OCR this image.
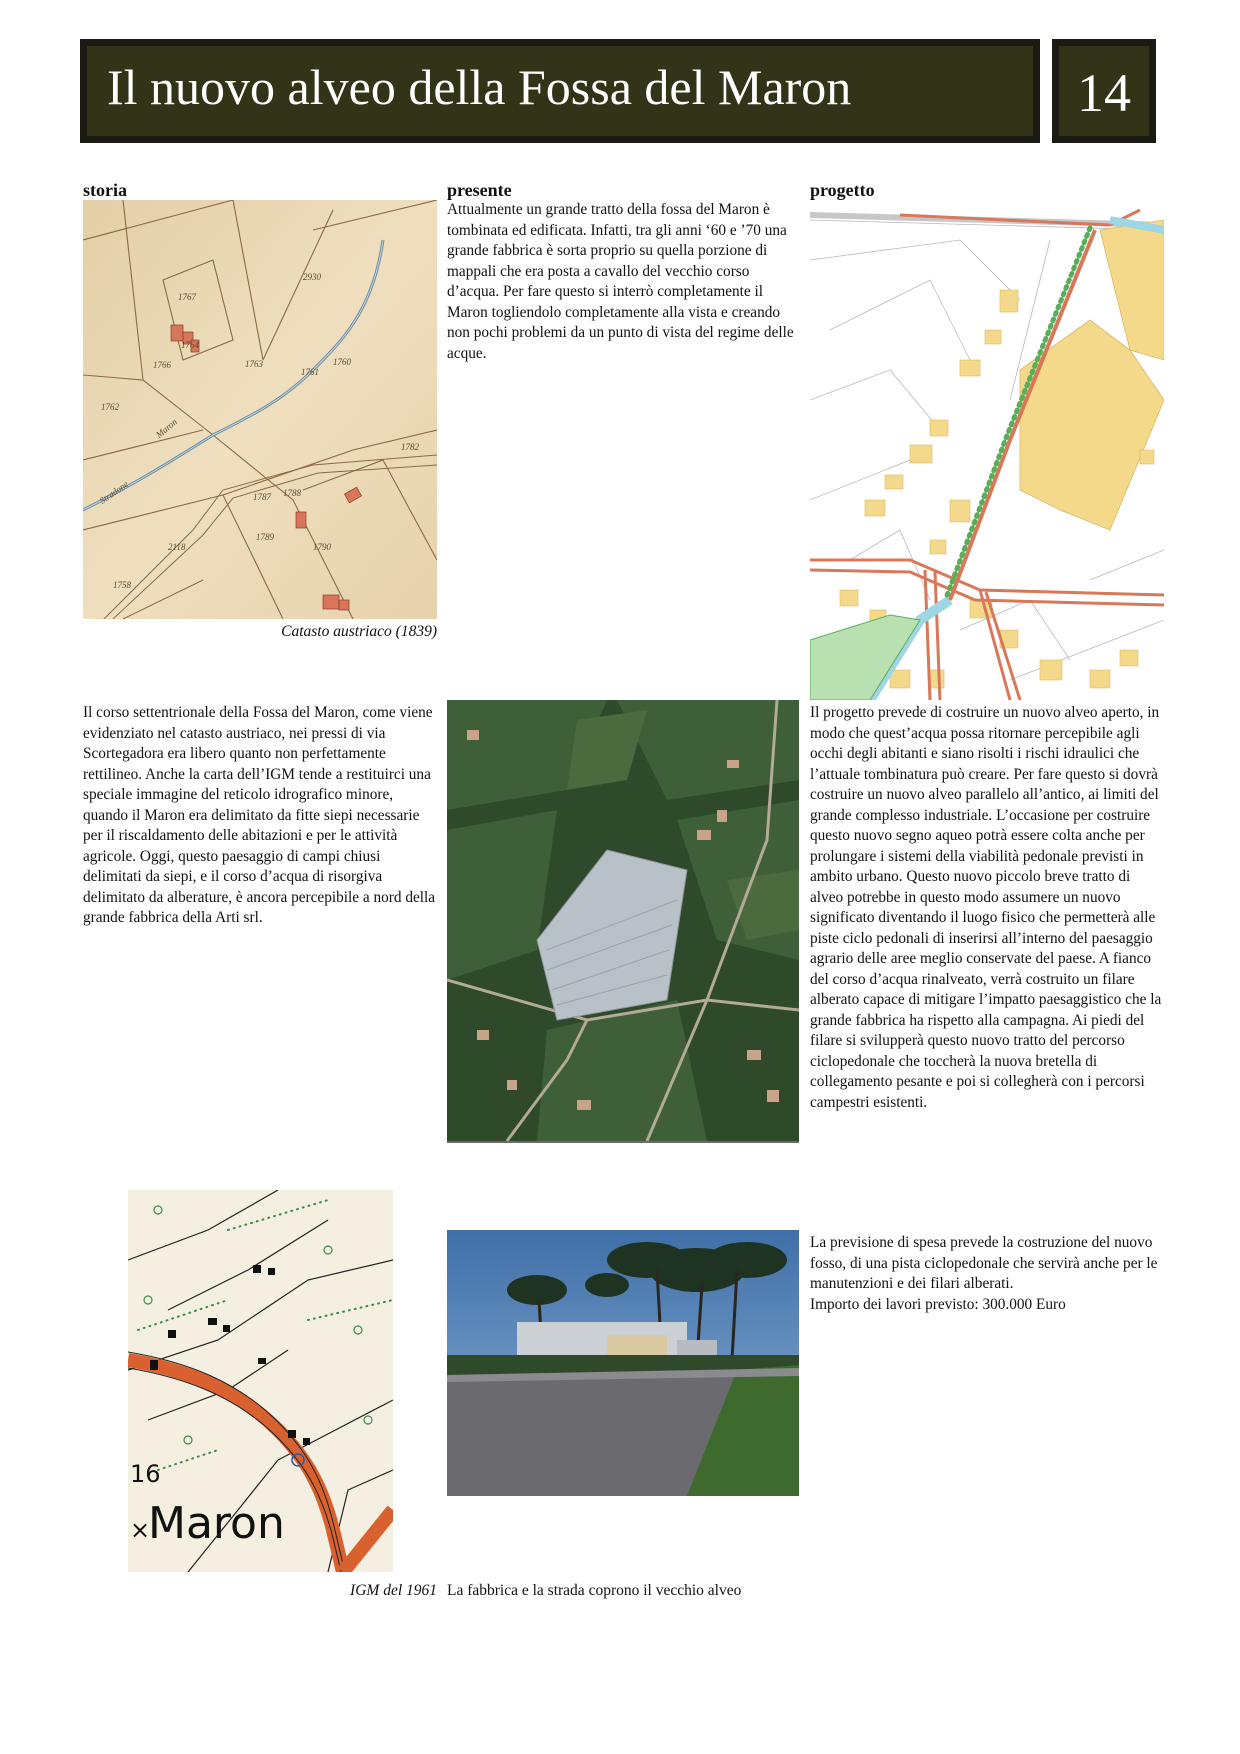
Il nuovo alveo della Fossa del Maron	14
storia	presente	progetto
1767
1766
1762
2930
1763
1764
1761
1760
1787 1788
1789
1790
2118
1758
1782
Maron
Stradone
Catasto austriaco (1839)
Attualmente un grande tratto della fossa del Maron è tombinata ed edificata. Infatti, tra gli anni ‘60 e ’70 una grande fabbrica è sorta proprio su quella porzione di mappali che era posta a cavallo del vecchio corso d’acqua. Per fare questo si interrò completamente il Maron togliendolo completamente alla vista e creando non pochi problemi da un punto di vista del regime delle acque.
Il corso settentrionale della Fossa del Maron, come viene evidenziato nel catasto austriaco, nei pressi di via Scortegadora era libero quanto non perfettamente rettilineo. Anche la carta dell’IGM tende a restituirci una speciale immagine del reticolo idrografico minore, quando il Maron era delimitato da fitte siepi necessarie per il riscaldamento delle abitazioni e per le attività agricole. Oggi, questo paesaggio di campi chiusi delimitati da siepi, e il corso d’acqua di risorgiva delimitato da alberature, è ancora percepibile a nord della grande fabbrica della Arti srl.
Il progetto prevede di costruire un nuovo alveo aperto, in modo che quest’acqua possa ritornare percepibile agli occhi degli abitanti e siano risolti i rischi idraulici che l’attuale tombinatura può creare. Per fare questo si dovrà costruire un nuovo alveo parallelo all’antico, ai limiti del grande complesso industriale. L’occasione per costruire questo nuovo segno aqueo potrà essere colta anche per prolungare i sistemi della viabilità pedonale previsti in ambito urbano. Questo nuovo piccolo breve tratto di alveo potrebbe in questo modo assumere un nuovo significato diventando il luogo fisico che permetterà alle piste ciclo pedonali di inserirsi all’interno del paesaggio agrario delle aree meglio conservate del paese. A fianco del corso d’acqua rinalveato, verrà costruito un filare alberato capace di mitigare l’impatto paesaggistico che la grande fabbrica ha rispetto alla campagna. Ai piedi del filare si svilupperà questo nuovo tratto del percorso ciclopedonale che toccherà la nuova bretella di collegamento pesante e poi si collegherà con i percorsi campestri esistenti.
16
Maron
×
IGM del 1961 La fabbrica e la strada coprono il vecchio alveo
La previsione di spesa prevede la costruzione del nuovo fosso, di una pista ciclopedonale che servirà anche per le manutenzioni e dei filari alberati.
Importo dei lavori previsto: 300.000 Euro
